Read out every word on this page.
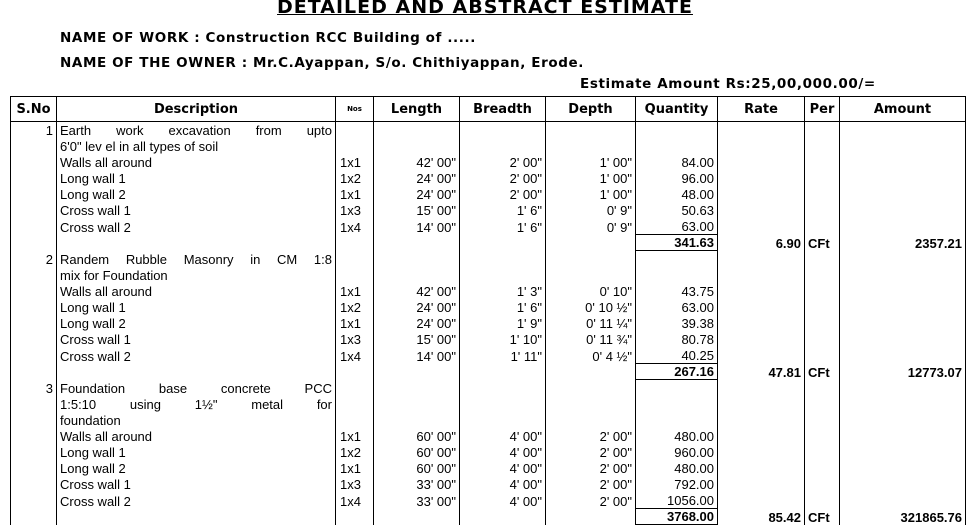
DETAILED AND ABSTRACT ESTIMATE
NAME OF WORK : Construction RCC Building of .....
NAME OF THE OWNER : Mr.C.Ayappan, S/o. Chithiyappan, Erode.
Estimate Amount Rs:25,00,000.00/=
S.No	Description	Nos	Length	Breadth	Depth	Quantity	Rate	Per	Amount
1	Earth work excavation from upto								
	6'0" lev el in all types of soil								
	Walls all around	1x1	42' 00"	2' 00"	1' 00"	84.00			
	Long wall 1	1x2	24' 00"	2' 00"	1' 00"	96.00			
	Long wall 2	1x1	24' 00"	2' 00"	1' 00"	48.00			
	Cross wall 1	1x3	15' 00"	1' 6"	0' 9"	50.63			
	Cross wall 2	1x4	14' 00"	1' 6"	0' 9"	63.00			
						341.63	6.90	CFt	2357.21
2	Randem Rubble Masonry in CM 1:8								
	mix for Foundation								
	Walls all around	1x1	42' 00"	1' 3"	0' 10"	43.75			
	Long wall 1	1x2	24' 00"	1' 6"	0' 10 ½"	63.00			
	Long wall 2	1x1	24' 00"	1' 9"	0' 11 ¼"	39.38			
	Cross wall 1	1x3	15' 00"	1' 10"	0' 11 ¾"	80.78			
	Cross wall 2	1x4	14' 00"	1' 11"	0' 4 ½"	40.25			
						267.16	47.81	CFt	12773.07
3	Foundation base concrete PCC								
	1:5:10 using 1½" metal for								
	foundation								
	Walls all around	1x1	60' 00"	4' 00"	2' 00"	480.00			
	Long wall 1	1x2	60' 00"	4' 00"	2' 00"	960.00			
	Long wall 2	1x1	60' 00"	4' 00"	2' 00"	480.00			
	Cross wall 1	1x3	33' 00"	4' 00"	2' 00"	792.00			
	Cross wall 2	1x4	33' 00"	4' 00"	2' 00"	1056.00			
						3768.00	85.42	CFt	321865.76
